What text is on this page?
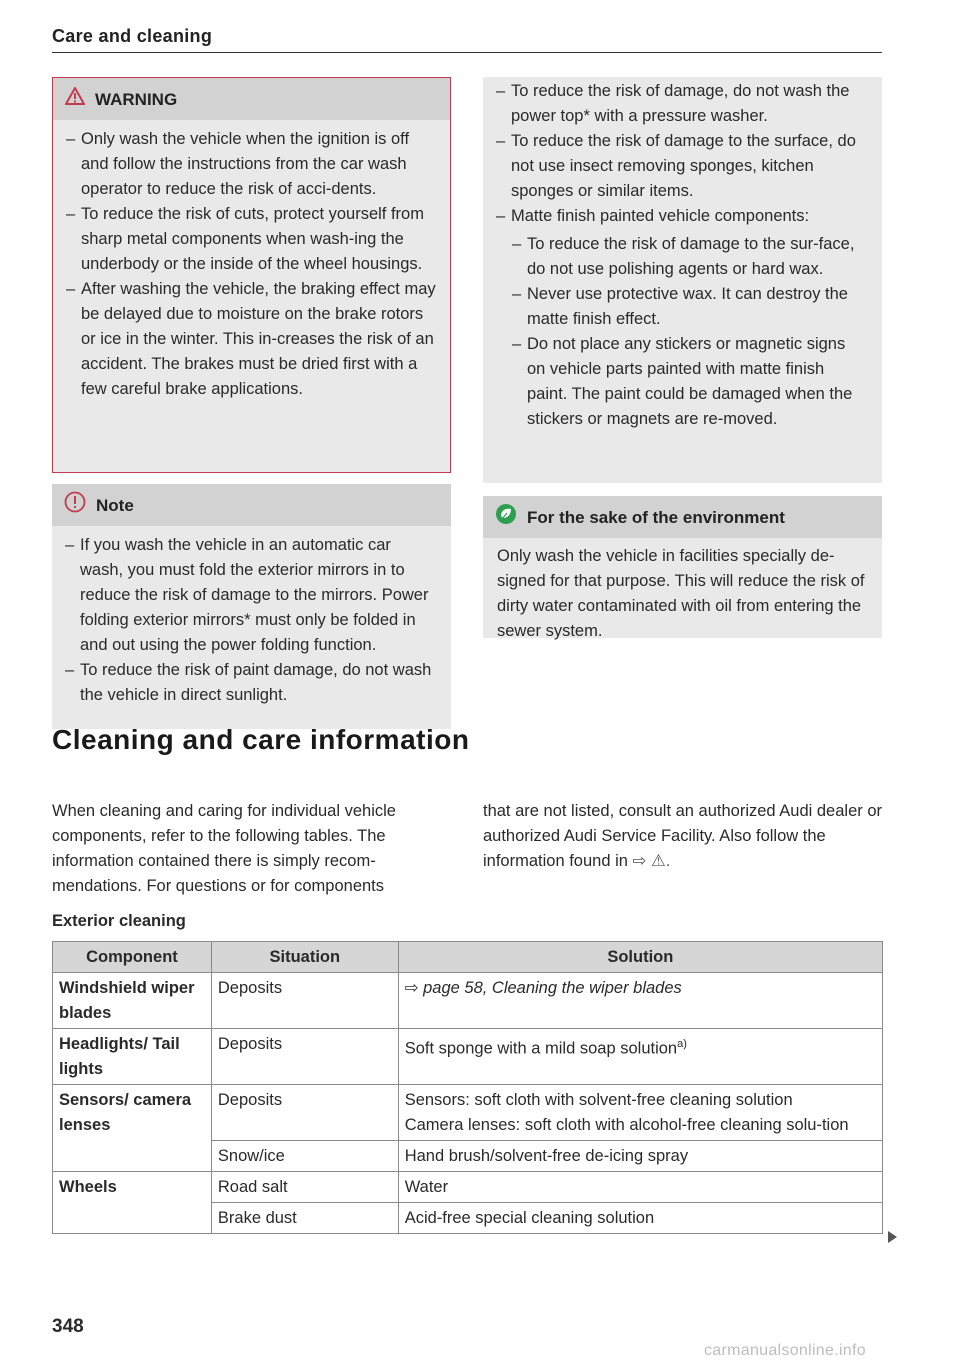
Care and cleaning
WARNING
– Only wash the vehicle when the ignition is off and follow the instructions from the car wash operator to reduce the risk of acci-dents.
– To reduce the risk of cuts, protect yourself from sharp metal components when wash-ing the underbody or the inside of the wheel housings.
– After washing the vehicle, the braking effect may be delayed due to moisture on the brake rotors or ice in the winter. This in-creases the risk of an accident. The brakes must be dried first with a few careful brake applications.
Note
– If you wash the vehicle in an automatic car wash, you must fold the exterior mirrors in to reduce the risk of damage to the mirrors. Power folding exterior mirrors* must only be folded in and out using the power folding function.
– To reduce the risk of paint damage, do not wash the vehicle in direct sunlight.
– To reduce the risk of damage, do not wash the power top* with a pressure washer.
– To reduce the risk of damage to the surface, do not use insect removing sponges, kitchen sponges or similar items.
– Matte finish painted vehicle components:
– To reduce the risk of damage to the sur-face, do not use polishing agents or hard wax.
– Never use protective wax. It can destroy the matte finish effect.
– Do not place any stickers or magnetic signs on vehicle parts painted with matte finish paint. The paint could be damaged when the stickers or magnets are re-moved.
For the sake of the environment
Only wash the vehicle in facilities specially de-signed for that purpose. This will reduce the risk of dirty water contaminated with oil from entering the sewer system.
Cleaning and care information
When cleaning and caring for individual vehicle components, refer to the following tables. The information contained there is simply recom-mendations. For questions or for components
that are not listed, consult an authorized Audi dealer or authorized Audi Service Facility. Also follow the information found in ⇨ ⚠.
Exterior cleaning
Component	Situation	Solution
Windshield wiper blades	Deposits	⇨ page 58, Cleaning the wiper blades
Headlights/ Tail lights	Deposits	Soft sponge with a mild soap solution$^{a)}$
Sensors/ camera lenses	Deposits	Sensors: soft cloth with solvent-free cleaning solution
Camera lenses: soft cloth with alcohol-free cleaning solu-tion

	Snow/ice	Hand brush/solvent-free de-icing spray
Wheels	Road salt	Water
	Brake dust	Acid-free special cleaning solution
348
carmanualsonline.info
